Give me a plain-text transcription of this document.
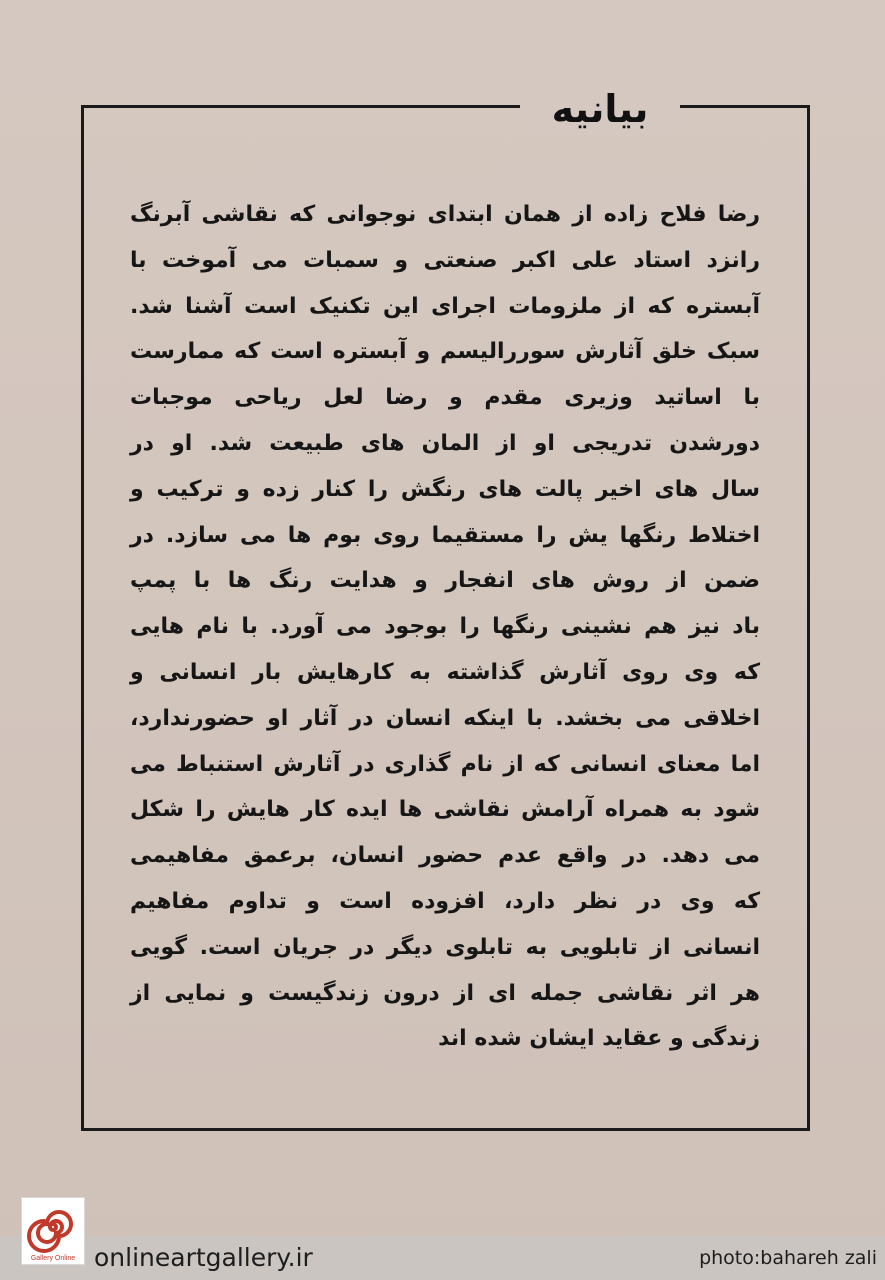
بیانیه
رضا فلاح زاده از همان ابتدای نوجوانی که نقاشی آبرنگ
رانزد استاد علی اکبر صنعتی و سمبات می آموخت با
آبستره که از ملزومات اجرای این تکنیک است آشنا شد.
سبک خلق آثارش سوررالیسم و آبستره است که ممارست
با اساتید وزیری مقدم و رضا لعل ریاحی موجبات
دورشدن تدریجی او از المان های طبیعت شد. او در
سال های اخیر پالت های رنگش را کنار زده و ترکیب و
اختلاط رنگها یش را مستقیما روی بوم ها می سازد. در
ضمن از روش های انفجار و هدایت رنگ ها با پمپ
باد نیز هم نشینی رنگها را بوجود می آورد. با نام هایی
که وی روی آثارش گذاشته به کارهایش بار انسانی و
اخلاقی می بخشد. با اینکه انسان در آثار او حضورندارد،
اما معنای انسانی که از نام گذاری در آثارش استنباط می
شود به همراه آرامش نقاشی ها ایده کار هایش را شکل
می دهد. در واقع عدم حضور انسان، برعمق مفاهیمی
که وی در نظر دارد، افزوده است و تداوم مفاهیم
انسانی از تابلویی به تابلوی دیگر در جریان است. گویی
هر اثر نقاشی جمله ای از درون زندگیست و نمایی از
زندگی و عقاید ایشان شده اند
Gallery Online onlineartgallery.ir	photo:bahareh zali
